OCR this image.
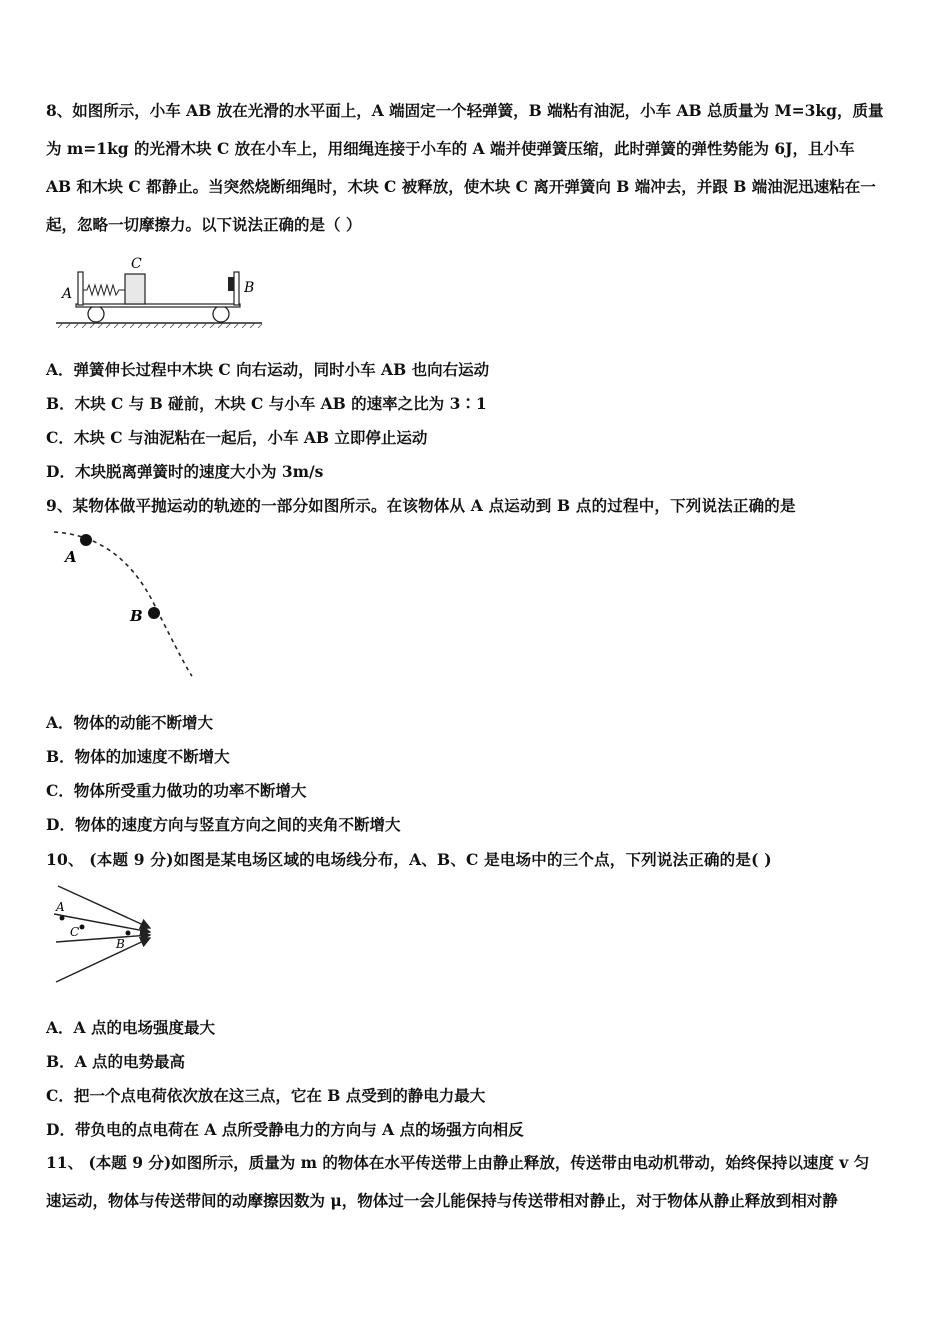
8、如图所示，小车 AB 放在光滑的水平面上，A 端固定一个轻弹簧，B 端粘有油泥，小车 AB 总质量为 M=3kg，质量
为 m=1kg 的光滑木块 C 放在小车上，用细绳连接于小车的 A 端并使弹簧压缩，此时弹簧的弹性势能为 6J，且小车
AB 和木块 C 都静止。当突然烧断细绳时，木块 C 被释放，使木块 C 离开弹簧向 B 端冲去，并跟 B 端油泥迅速粘在一
起，忽略一切摩擦力。以下说法正确的是（ ）
A
C
B
A．弹簧伸长过程中木块 C 向右运动，同时小车 AB 也向右运动
B．木块 C 与 B 碰前，木块 C 与小车 AB 的速率之比为 3∶1
C．木块 C 与油泥粘在一起后，小车 AB 立即停止运动
D．木块脱离弹簧时的速度大小为 3m/s
9、某物体做平抛运动的轨迹的一部分如图所示。在该物体从 A 点运动到 B 点的过程中，下列说法正确的是
A
B
A．物体的动能不断增大
B．物体的加速度不断增大
C．物体所受重力做功的功率不断增大
D．物体的速度方向与竖直方向之间的夹角不断增大
10、 (本题 9 分)如图是某电场区域的电场线分布，A、B、C 是电场中的三个点，下列说法正确的是( )
A
C
B
A．A 点的电场强度最大
B．A 点的电势最高
C．把一个点电荷依次放在这三点，它在 B 点受到的静电力最大
D．带负电的点电荷在 A 点所受静电力的方向与 A 点的场强方向相反
11、 (本题 9 分)如图所示，质量为 m 的物体在水平传送带上由静止释放，传送带由电动机带动，始终保持以速度 v 匀
速运动，物体与传送带间的动摩擦因数为 μ，物体过一会儿能保持与传送带相对静止，对于物体从静止释放到相对静
